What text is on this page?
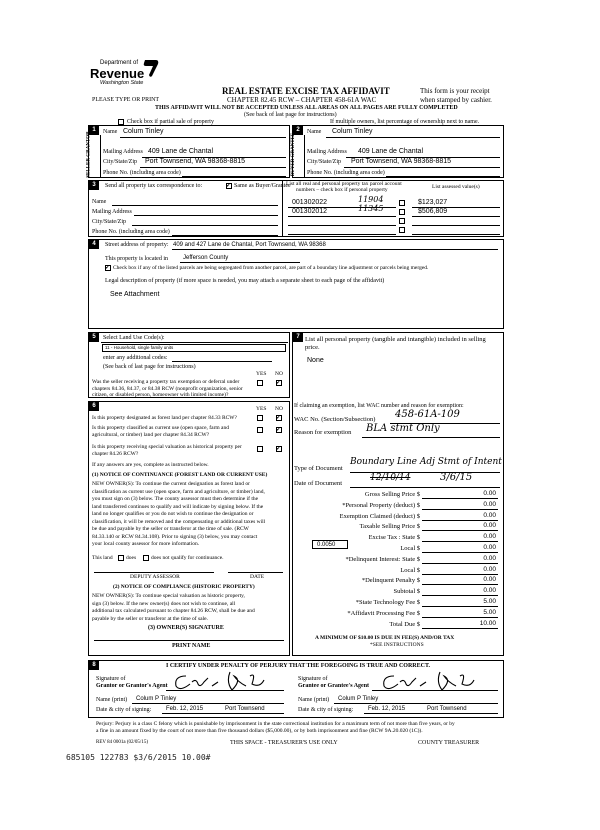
Department of
Revenue
Washington State
PLEASE TYPE OR PRINT
REAL ESTATE EXCISE TAX AFFIDAVIT
CHAPTER 82.45 RCW – CHAPTER 458-61A WAC
THIS AFFIDAVIT WILL NOT BE ACCEPTED UNLESS ALL AREAS ON ALL PAGES ARE FULLY COMPLETED
(See back of last page for instructions)
This form is your receipt
when stamped by cashier.
Check box if partial sale of property	If multiple owners, list percentage of ownership next to name.
1	2
SELLER GRANTOR	BUYER GRANTEE
Name Colum Tinley
Mailing Address 409 Lane de Chantal
City/State/Zip Port Townsend, WA 98368-8815
Phone No. (including area code)
Name Colum Tinley
Mailing Address 409 Lane de Chantal
City/State/Zip Port Townsend, WA 98368-8815
Phone No. (including area code)
3	Send all property tax correspondence to:	✓ Same as Buyer/Grantee
Name
Mailing Address
City/State/Zip
Phone No. (including area code)
List all real and personal property tax parcel account
numbers – check box if personal property	List assessed value(s)
001302022	11904	$123,027
001302012	11345	$506,809
4	Street address of property: 409 and 427 Lane de Chantal, Port Townsend, WA 98368
This property is located in	Jefferson County
✓ Check box if any of the listed parcels are being segregated from another parcel, are part of a boundary line adjustment or parcels being merged.
Legal description of property (if more space is needed, you may attach a separate sheet to each page of the affidavit)
See Attachment
5	Select Land Use Code(s):
11 - Household, single family units
enter any additional codes:
(See back of last page for instructions)
YES NO
Was the seller receiving a property tax exemption or deferral under chapters 84.36, 84.37, or 84.38 RCW (nonprofit organization, senior citizen, or disabled person, homeowner with limited income)?
✓
6	YES NO
Is this property designated as forest land per chapter 84.33 RCW?	✓
Is this property classified as current use (open space, farm and agricultural, or timber) land per chapter 84.34 RCW?
✓
Is this property receiving special valuation as historical property per chapter 84.26 RCW?
✓
If any answers are yes, complete as instructed below.
(1) NOTICE OF CONTINUANCE (FOREST LAND OR CURRENT USE)
NEW OWNER(S): To continue the current designation as forest land or
classification as current use (open space, farm and agriculture, or timber) land,
you must sign on (3) below. The county assessor must then determine if the
land transferred continues to qualify and will indicate by signing below. If the
land no longer qualifies or you do not wish to continue the designation or
classification, it will be removed and the compensating or additional taxes will
be due and payable by the seller or transferor at the time of sale. (RCW
84.33.140 or RCW 84.34.108). Prior to signing (3) below, you may contact
your local county assessor for more information.
This land does	does not qualify for continuance.
DEPUTY ASSESSOR	DATE
(2) NOTICE OF COMPLIANCE (HISTORIC PROPERTY)
NEW OWNER(S): To continue special valuation as historic property,
sign (3) below. If the new owner(s) does not wish to continue, all
additional tax calculated pursuant to chapter 84.26 RCW, shall be due and
payable by the seller or transferor at the time of sale.
(3) OWNER(S) SIGNATURE
PRINT NAME
7 List all personal property (tangible and intangible) included in selling price.
None
If claiming an exemption, list WAC number and reason for exemption:
WAC No. (Section/Subsection) 458-61A-109
Reason for exemption BLA stmt Only
Type of Document
Boundary Line Adj Stmt of Intent
Date of Document
12/10/14	3/6/15
Gross Selling Price $	0.00
*Personal Property (deduct) $	0.00
Exemption Claimed (deduct) $	0.00
Taxable Selling Price $	0.00
Excise Tax : State $	0.00
Local $	0.00
*Delinquent Interest: State $	0.00
Local $	0.00
*Delinquent Penalty $	0.00
Subtotal $	0.00
*State Technology Fee $	5.00
*Affidavit Processing Fee $	5.00
Total Due $	10.00
0.0050
A MINIMUM OF $10.00 IS DUE IN FEE(S) AND/OR TAX
*SEE INSTRUCTIONS
8	I CERTIFY UNDER PENALTY OF PERJURY THAT THE FOREGOING IS TRUE AND CORRECT.
Signature of
Grantor or Grantor's Agent
Name (print) Colum P Tinley
Date & city of signing: Feb. 12, 2015	Port Townsend
Signature of
Grantee or Grantee's Agent
Name (print) Colum P Tinley
Date & city of signing: Feb. 12, 2015	Port Townsend
Perjury: Perjury is a class C felony which is punishable by imprisonment in the state correctional institution for a maximum term of not more than five years, or by
a fine in an amount fixed by the court of not more than five thousand dollars ($5,000.00), or by both imprisonment and fine (RCW 9A.20.020 (1C)).
REV 84 0001a (02/05/15)	THIS SPACE - TREASURER'S USE ONLY	COUNTY TREASURER
685105 122783 $3/6/2015 10.00#
